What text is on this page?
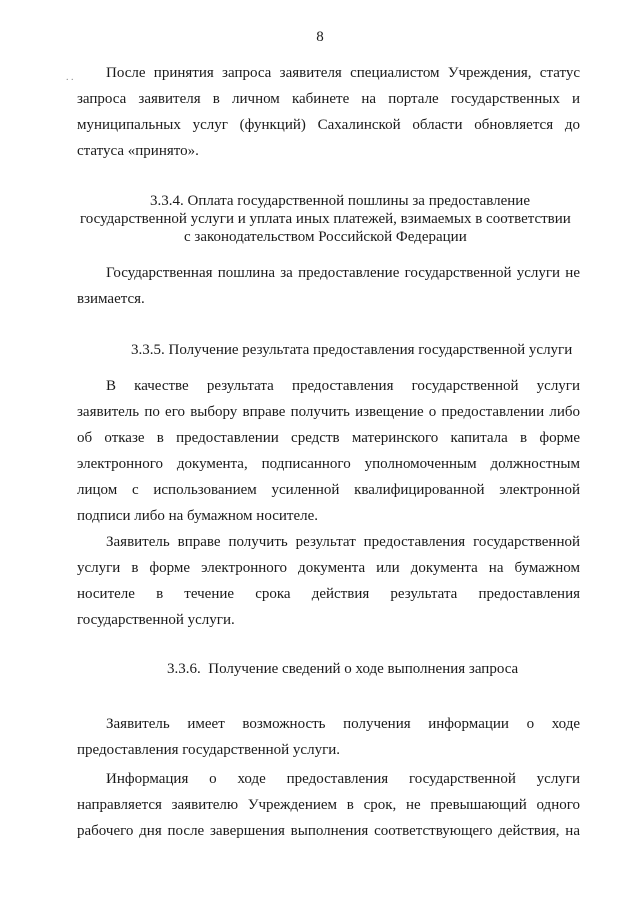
8
. . После принятия запроса заявителя специалистом Учреждения, статус
запроса заявителя в личном кабинете на портале государственных и
муниципальных услуг (функций) Сахалинской области обновляется до
статуса «принято».
3.3.4. Оплата государственной пошлины за предоставление
государственной услуги и уплата иных платежей, взимаемых в соответствии
с законодательством Российской Федерации
Государственная пошлина за предоставление государственной услуги не
взимается.
3.3.5. Получение результата предоставления государственной услуги
В качестве результата предоставления государственной услуги
заявитель по его выбору вправе получить извещение о предоставлении либо
об отказе в предоставлении средств материнского капитала в форме
электронного документа, подписанного уполномоченным должностным
лицом с использованием усиленной квалифицированной электронной
подписи либо на бумажном носителе.
Заявитель вправе получить результат предоставления государственной
услуги в форме электронного документа или документа на бумажном
носителе в течение срока действия результата предоставления
государственной услуги.
3.3.6.  Получение сведений о ходе выполнения запроса
Заявитель имеет возможность получения информации о ходе
предоставления государственной услуги.
Информация о ходе предоставления государственной услуги
направляется заявителю Учреждением в срок, не превышающий одного
рабочего дня после завершения выполнения соответствующего действия, на
